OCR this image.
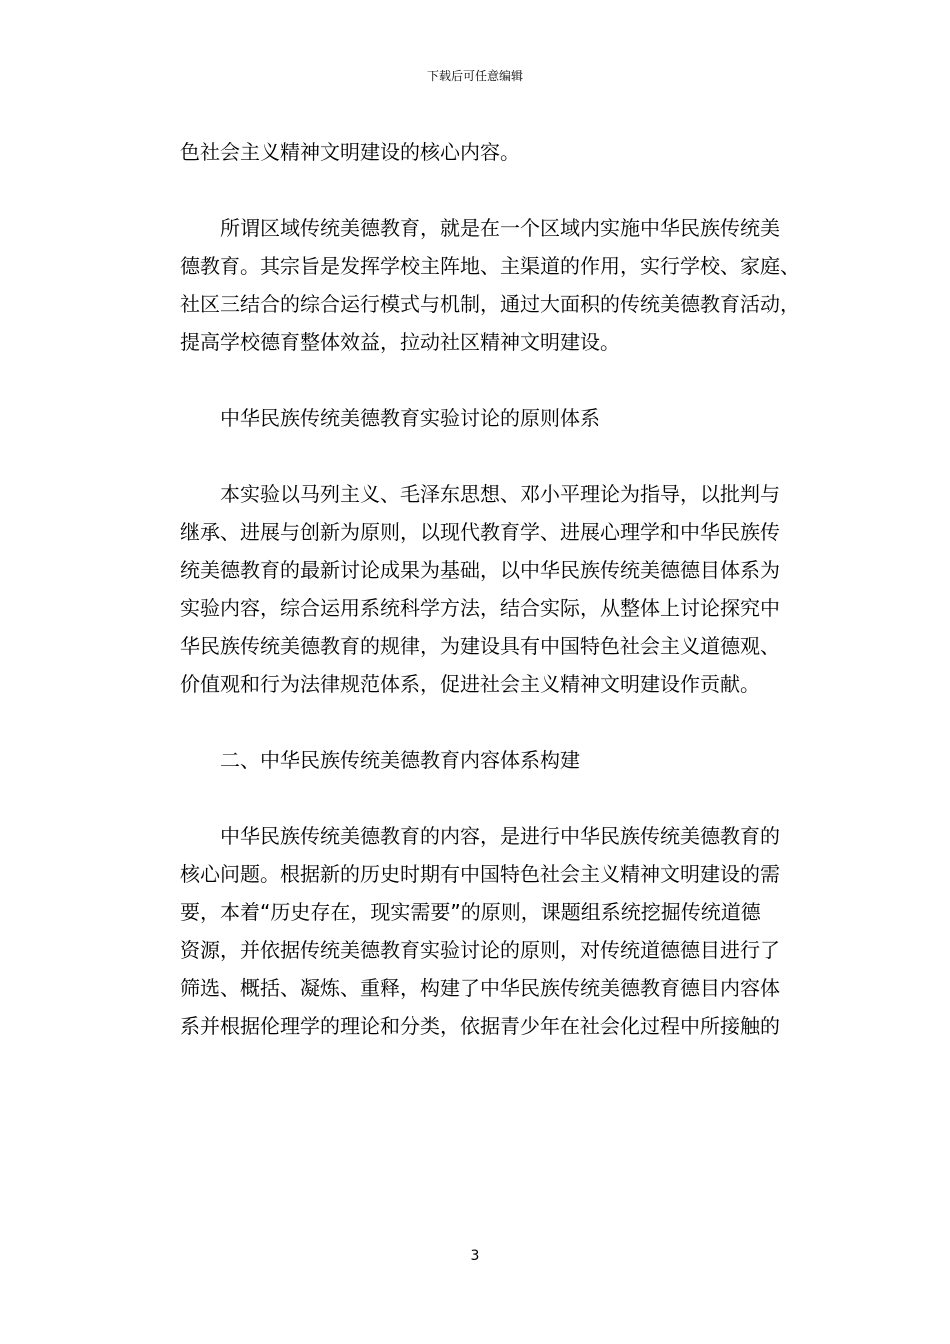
下载后可任意编辑
色社会主义精神文明建设的核心内容。
所谓区域传统美德教育，就是在一个区域内实施中华民族传统美
德教育。其宗旨是发挥学校主阵地、主渠道的作用，实行学校、家庭、
社区三结合的综合运行模式与机制，通过大面积的传统美德教育活动，
提高学校德育整体效益，拉动社区精神文明建设。
中华民族传统美德教育实验讨论的原则体系
本实验以马列主义、毛泽东思想、邓小平理论为指导，以批判与
继承、进展与创新为原则，以现代教育学、进展心理学和中华民族传
统美德教育的最新讨论成果为基础，以中华民族传统美德德目体系为
实验内容，综合运用系统科学方法，结合实际，从整体上讨论探究中
华民族传统美德教育的规律，为建设具有中国特色社会主义道德观、
价值观和行为法律规范体系，促进社会主义精神文明建设作贡献。
二、中华民族传统美德教育内容体系构建
中华民族传统美德教育的内容，是进行中华民族传统美德教育的
核心问题。根据新的历史时期有中国特色社会主义精神文明建设的需
要，本着“历史存在，现实需要”的原则，课题组系统挖掘传统道德
资源，并依据传统美德教育实验讨论的原则，对传统道德德目进行了
筛选、概括、凝炼、重释，构建了中华民族传统美德教育德目内容体
系并根据伦理学的理论和分类，依据青少年在社会化过程中所接触的
3
